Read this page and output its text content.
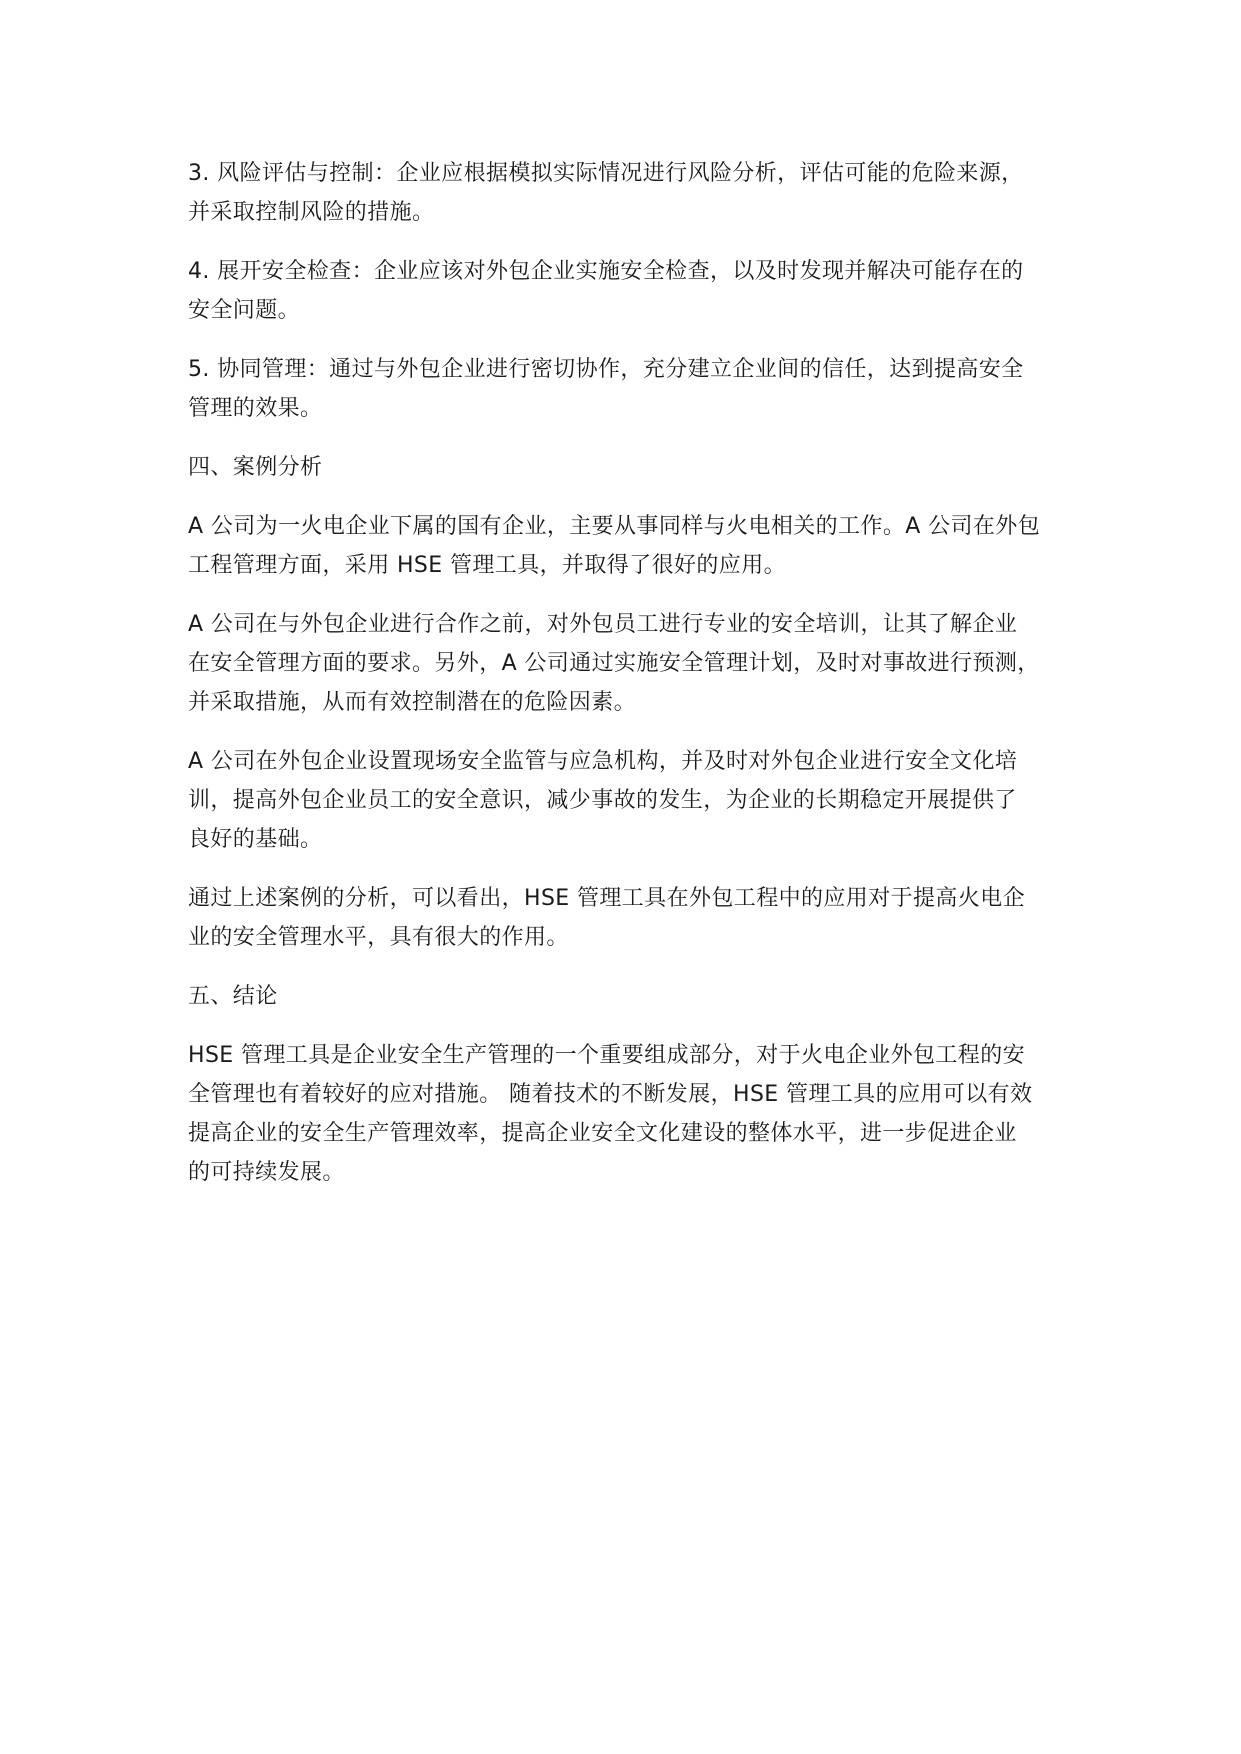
3. 风险评估与控制：企业应根据模拟实际情况进行风险分析，评估可能的危险来源，
并采取控制风险的措施。

4. 展开安全检查：企业应该对外包企业实施安全检查，以及时发现并解决可能存在的
安全问题。

5. 协同管理：通过与外包企业进行密切协作，充分建立企业间的信任，达到提高安全
管理的效果。

四、案例分析

A 公司为一火电企业下属的国有企业，主要从事同样与火电相关的工作。A 公司在外包
工程管理方面，采用 HSE 管理工具，并取得了很好的应用。

A 公司在与外包企业进行合作之前，对外包员工进行专业的安全培训，让其了解企业
在安全管理方面的要求。另外，A 公司通过实施安全管理计划，及时对事故进行预测，
并采取措施，从而有效控制潜在的危险因素。

A 公司在外包企业设置现场安全监管与应急机构，并及时对外包企业进行安全文化培
训，提高外包企业员工的安全意识，减少事故的发生，为企业的长期稳定开展提供了
良好的基础。

通过上述案例的分析，可以看出，HSE 管理工具在外包工程中的应用对于提高火电企
业的安全管理水平，具有很大的作用。

五、结论

HSE 管理工具是企业安全生产管理的一个重要组成部分，对于火电企业外包工程的安
全管理也有着较好的应对措施。 随着技术的不断发展，HSE 管理工具的应用可以有效
提高企业的安全生产管理效率，提高企业安全文化建设的整体水平，进一步促进企业
的可持续发展。
